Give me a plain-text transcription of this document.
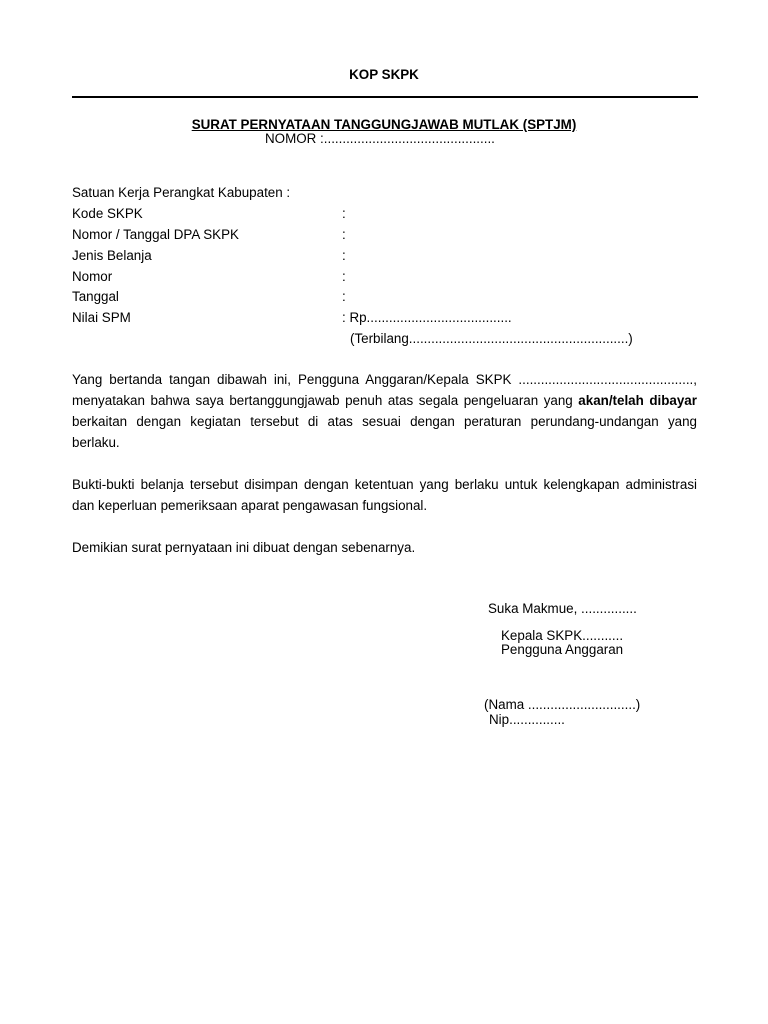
KOP SKPK
SURAT PERNYATAAN TANGGUNGJAWAB MUTLAK (SPTJM)
NOMOR :..............................................
Satuan Kerja Perangkat Kabupaten :
Kode SKPK	:
Nomor / Tanggal DPA SKPK	:
Jenis Belanja	:
Nomor	:
Tanggal	:
Nilai SPM	: Rp.......................................
(Terbilang...........................................................)
Yang bertanda tangan dibawah ini, Pengguna Anggaran/Kepala SKPK ...............................................,
menyatakan bahwa saya bertanggungjawab penuh atas segala pengeluaran yang akan/telah dibayar
berkaitan dengan kegiatan tersebut di atas sesuai dengan peraturan perundang-undangan yang
berlaku.
Bukti-bukti belanja tersebut disimpan dengan ketentuan yang berlaku untuk kelengkapan administrasi
dan keperluan pemeriksaan aparat pengawasan fungsional.
Demikian surat pernyataan ini dibuat dengan sebenarnya.
Suka Makmue, ...............
Kepala SKPK...........
Pengguna Anggaran
(Nama .............................)
Nip...............
